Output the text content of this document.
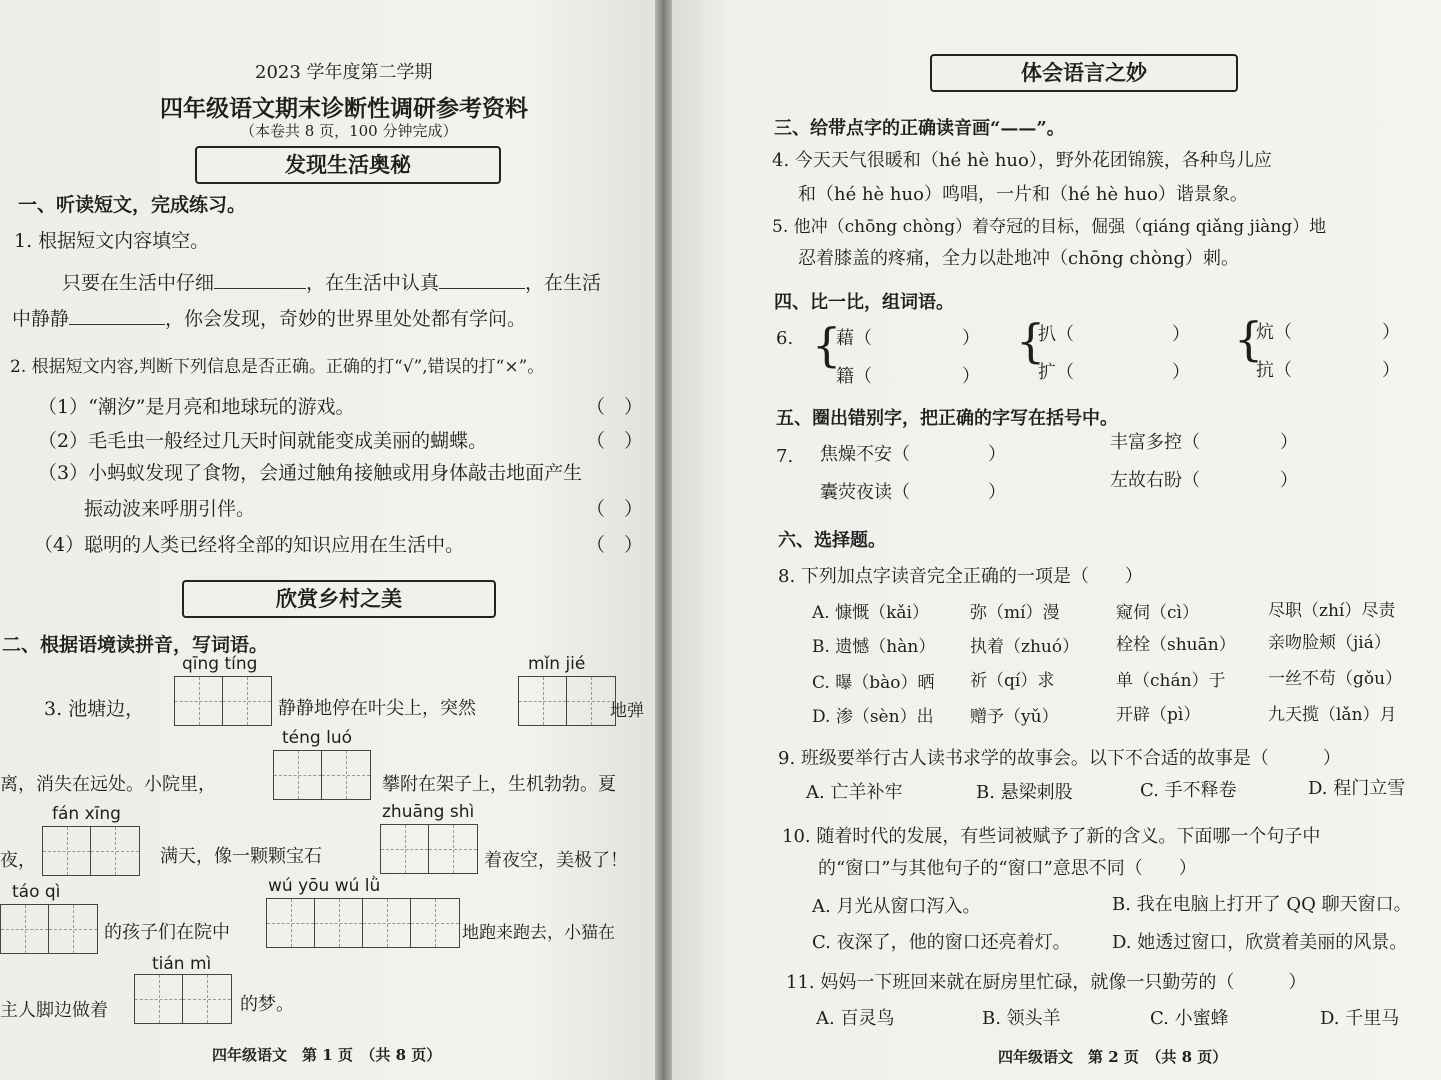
2023 学年度第二学期
四年级语文期末诊断性调研参考资料
（本卷共 8 页，100 分钟完成）
发现生活奥秘
一、听读短文，完成练习。
1. 根据短文内容填空。
只要在生活中仔细	，在生活中认真	，在生活
中静静	，你会发现，奇妙的世界里处处都有学问。
2. 根据短文内容,判断下列信息是否正确。正确的打“√”,错误的打“×”。
（1）“潮汐”是月亮和地球玩的游戏。	（　）
（2）毛毛虫一般经过几天时间就能变成美丽的蝴蝶。	（　）
（3）小蚂蚁发现了食物，会通过触角接触或用身体敲击地面产生
振动波来呼朋引伴。	（　）
（4）聪明的人类已经将全部的知识应用在生活中。	（　）
欣赏乡村之美
二、根据语境读拼音，写词语。
qīng tíng	mǐn jié
3. 池塘边，	静静地停在叶尖上，突然	地弹
téng luó
离，消失在远处。小院里，	攀附在架子上，生机勃勃。夏
fán xīng	zhuāng shì
夜，	满天，像一颗颗宝石	着夜空，美极了！
táo qì	wú yōu wú lǜ
的孩子们在院中	地跑来跑去，小猫在
tián mì
主人脚边做着	的梦。
四年级语文　第 1 页　（共 8 页）
体会语言之妙
三、给带点字的正确读音画“——”。
4. 今天天气很暖和（hé hè huo），野外花团锦簇，各种鸟儿应
和（hé hè huo）鸣唱，一片和（hé hè huo）谐景象。
5. 他冲（chōng chòng）着夺冠的目标，倔强（qiáng qiǎng jiàng）地
忍着膝盖的疼痛，全力以赴地冲（chōng chòng）刺。
四、比一比，组词语。
6. {
藉（	）
籍（	）
{
扒（	）
扩（	）
{
炕（	）
抗（	）
五、圈出错别字，把正确的字写在括号中。
7. 焦燥不安（	）
丰富多控（	）
囊荧夜读（	）
左故右盼（	）
六、选择题。
8. 下列加点字读音完全正确的一项是（　　）
A. 慷慨（kǎi） 弥（mí）漫	窥伺（cì）	尽职（zhí）尽责
B. 遗憾（hàn） 执着（zhuó） 栓栓（shuān） 亲吻脸颊（jiá）
C. 曝（bào）晒 祈（qí）求	单（chán）于 一丝不苟（gǒu）
D. 渗（sèn）出 赠予（yǔ）	开辟（pì）	九天揽（lǎn）月
9. 班级要举行古人读书求学的故事会。以下不合适的故事是（　　　）
A. 亡羊补牢	B. 悬梁刺股	C. 手不释卷	D. 程门立雪
10. 随着时代的发展，有些词被赋予了新的含义。下面哪一个句子中
的“窗口”与其他句子的“窗口”意思不同（　　）
A. 月光从窗口泻入。	B. 我在电脑上打开了 QQ 聊天窗口。
C. 夜深了，他的窗口还亮着灯。 D. 她透过窗口，欣赏着美丽的风景。
11. 妈妈一下班回来就在厨房里忙碌，就像一只勤劳的（　　　）
A. 百灵鸟	B. 领头羊	C. 小蜜蜂	D. 千里马
四年级语文　第 2 页　（共 8 页）
